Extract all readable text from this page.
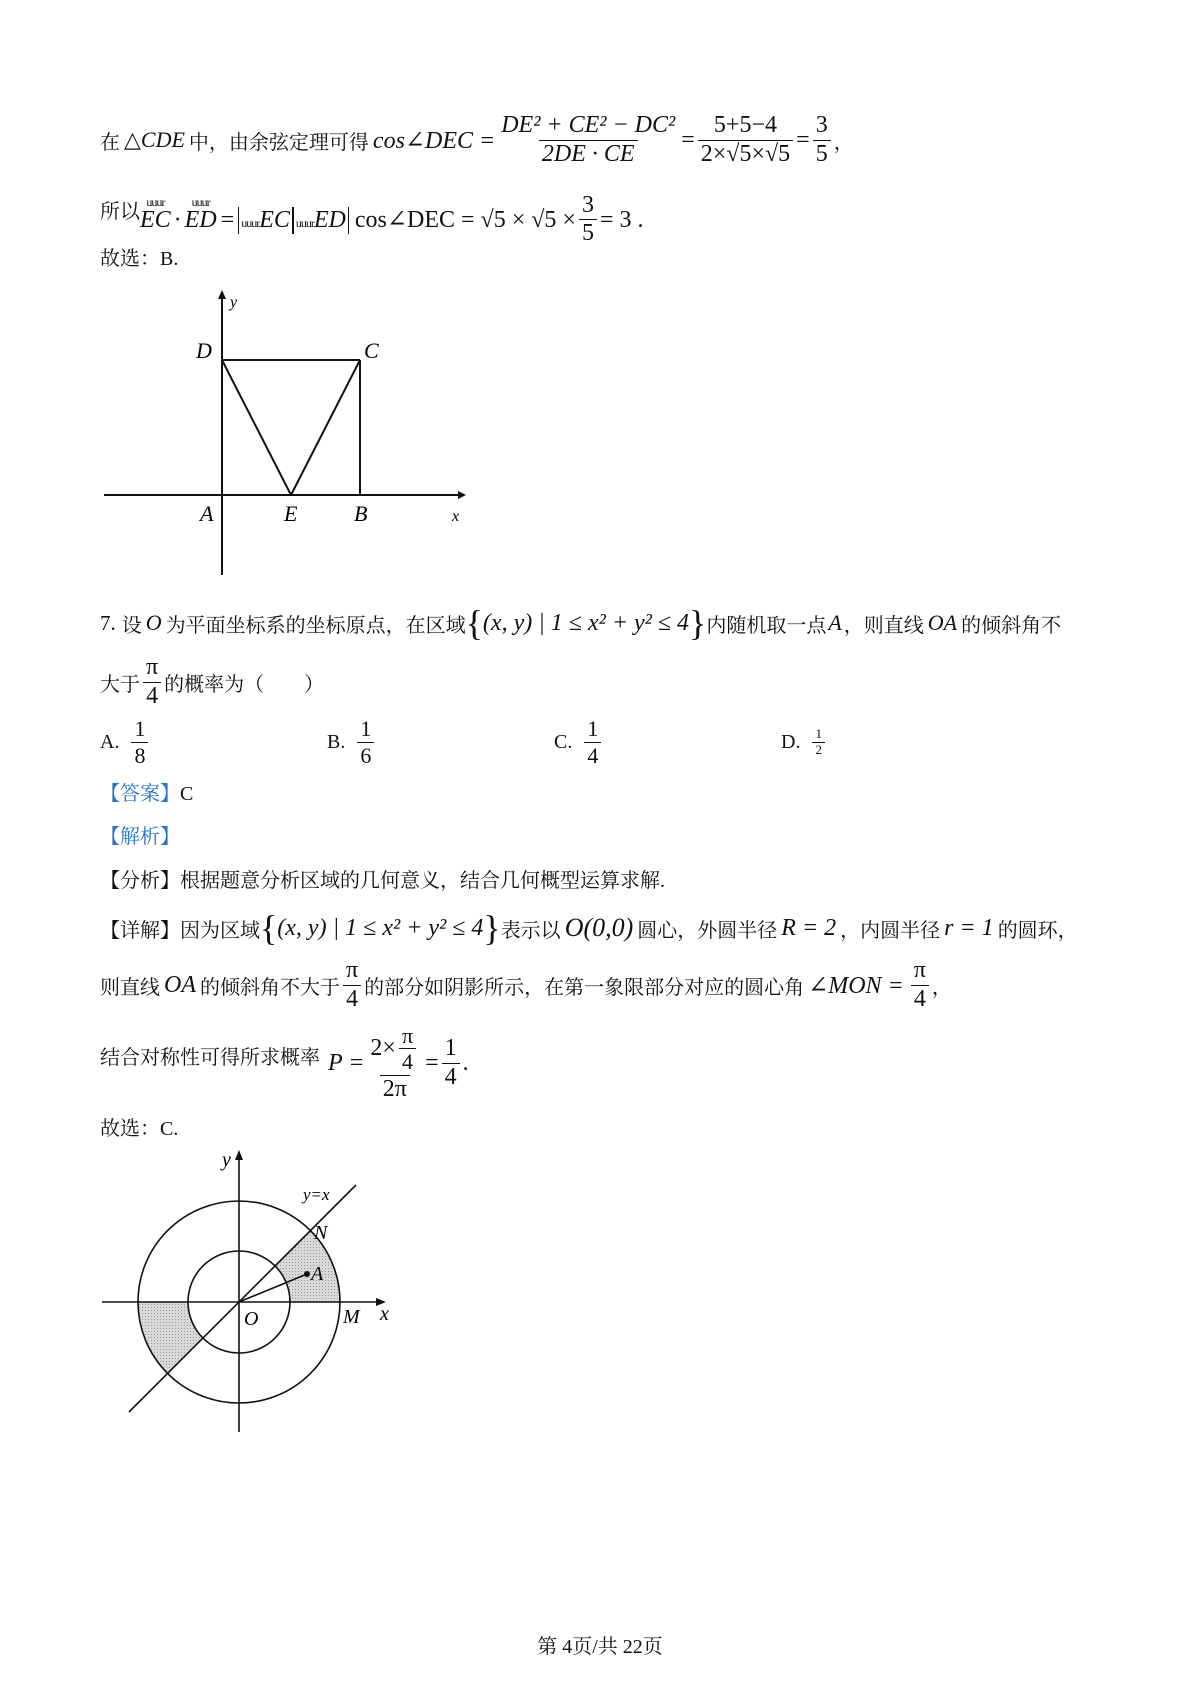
在 △CDE 中，由余弦定理可得 cos∠DEC = $\frac{\text{DE² + CE² − DC²}}{2DE \cdot CE} = \frac{5+5-4}{2\times√5\times√5} = \frac{3}{5}$ ，
所以 uuur
EC ·
uuur
ED = uuurEC uuurED cos∠DEC = $√5 \times √5 \times \frac{3}{5} = 3$ .
故选：B.
y
x
D	C
A	E	B
7. 设 O 为平面坐标系的坐标原点，在区域 { (x, y) | 1 ≤ x² + y² ≤ 4 } 内随机取一点 A ，则直线 OA 的倾斜角不
大于 $\frac{\pi}{4}$ 的概率为（　　）
A. $\frac{1}{8}$	B. $\frac{1}{6}$	C. $\frac{1}{4}$	D. $\frac{1}{2}$
【答案】C
【解析】
【分析】根据题意分析区域的几何意义，结合几何概型运算求解.
【详解】 因为区域 { (x, y) | 1 ≤ x² + y² ≤ 4 } 表示以 O(0,0) 圆心，外圆半径 R = 2 ，内圆半径 r = 1 的圆环，
则直线 OA 的倾斜角不大于 $\frac{\pi}{4}$ 的部分如阴影所示，在第一象限部分对应的圆心角 ∠MON = $\frac{\pi}{4}$ ，
结合对称性可得所求概率 $P = \frac{2\times \frac{\pi}{4}}{2\pi} = \frac{1}{4}$ .
故选：C.
y
x
y=x
N
A
O	M
第 4页/共 22页
